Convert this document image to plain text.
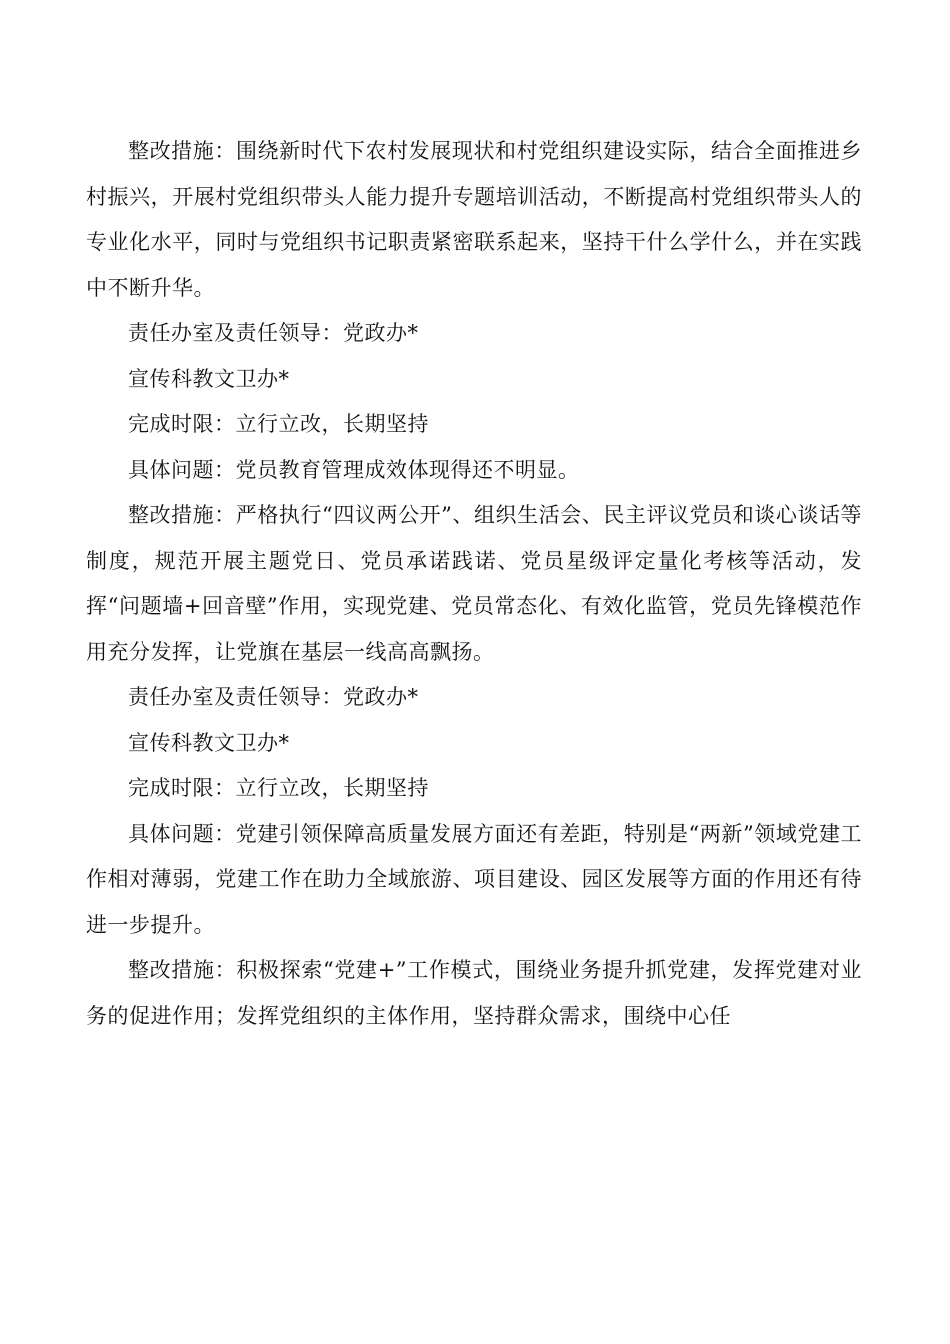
整改措施：围绕新时代下农村发展现状和村党组织建设实际，结合全面推进乡村振兴，开展村党组织带头人能力提升专题培训活动，不断提高村党组织带头人的专业化水平，同时与党组织书记职责紧密联系起来，坚持干什么学什么，并在实践中不断升华。

责任办室及责任领导：党政办*

宣传科教文卫办*

完成时限：立行立改，长期坚持

具体问题：党员教育管理成效体现得还不明显。

整改措施：严格执行“四议两公开”、组织生活会、民主评议党员和谈心谈话等制度，规范开展主题党日、党员承诺践诺、党员星级评定量化考核等活动，发挥“问题墙+回音壁”作用，实现党建、党员常态化、有效化监管，党员先锋模范作用充分发挥，让党旗在基层一线高高飘扬。

责任办室及责任领导：党政办*

宣传科教文卫办*

完成时限：立行立改，长期坚持

具体问题：党建引领保障高质量发展方面还有差距，特别是“两新”领域党建工作相对薄弱，党建工作在助力全域旅游、项目建设、园区发展等方面的作用还有待进一步提升。

整改措施：积极探索“党建+”工作模式，围绕业务提升抓党建，发挥党建对业务的促进作用；发挥党组织的主体作用，坚持群众需求，围绕中心任
